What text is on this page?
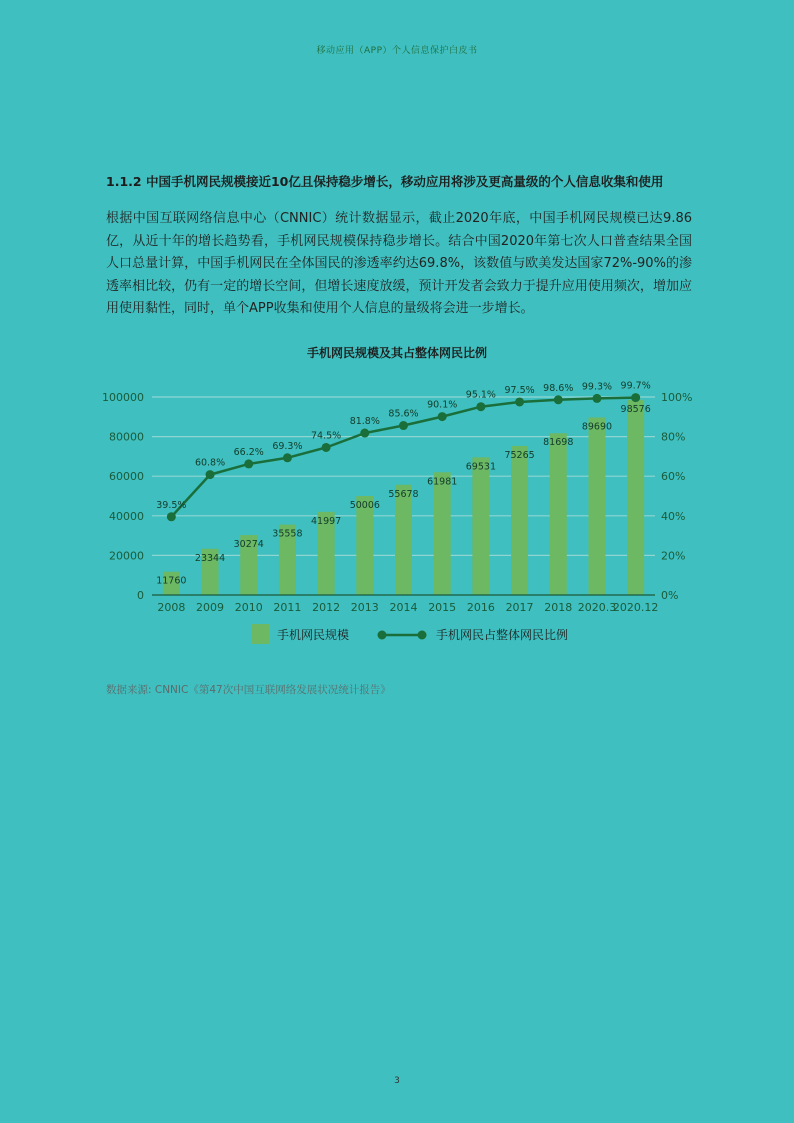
移动应用（APP）个人信息保护白皮书
1.1.2 中国手机网民规模接近10亿且保持稳步增长，移动应用将涉及更高量级的个人信息收集和使用

根据中国互联网络信息中心（CNNIC）统计数据显示，截止2020年底，中国手机网民规模已达9.86亿，从近十年的增长趋势看，手机网民规模保持稳步增长。结合中国2020年第七次人口普查结果全国人口总量计算，中国手机网民在全体国民的渗透率约达69.8%，该数值与欧美发达国家72%-90%的渗透率相比较，仍有一定的增长空间，但增长速度放缓，预计开发者会致力于提升应用使用频次，增加应用使用黏性，同时，单个APP收集和使用个人信息的量级将会进一步增长。

手机网民规模及其占整体网民比例
11760
23344
30274
35558
41997
50006
55678
61981
69531
75265
81698
89690
98576
39.5%
60.8%
66.2%
69.3%
74.5%
81.8%
85.6%
90.1%
95.1% 97.5% 98.6% 99.3% 99.7%
0
20000
40000
60000
80000
100000
0%
20%
40%
60%
80%
100%
2008 2009 2010 2011 2012 2013 2014 2015 2016 2017 2018 2020.3
2020.12
手机网民规模	手机网民占整体网民比例
数据来源: CNNIC《第47次中国互联网络发展状况统计报告》
3
